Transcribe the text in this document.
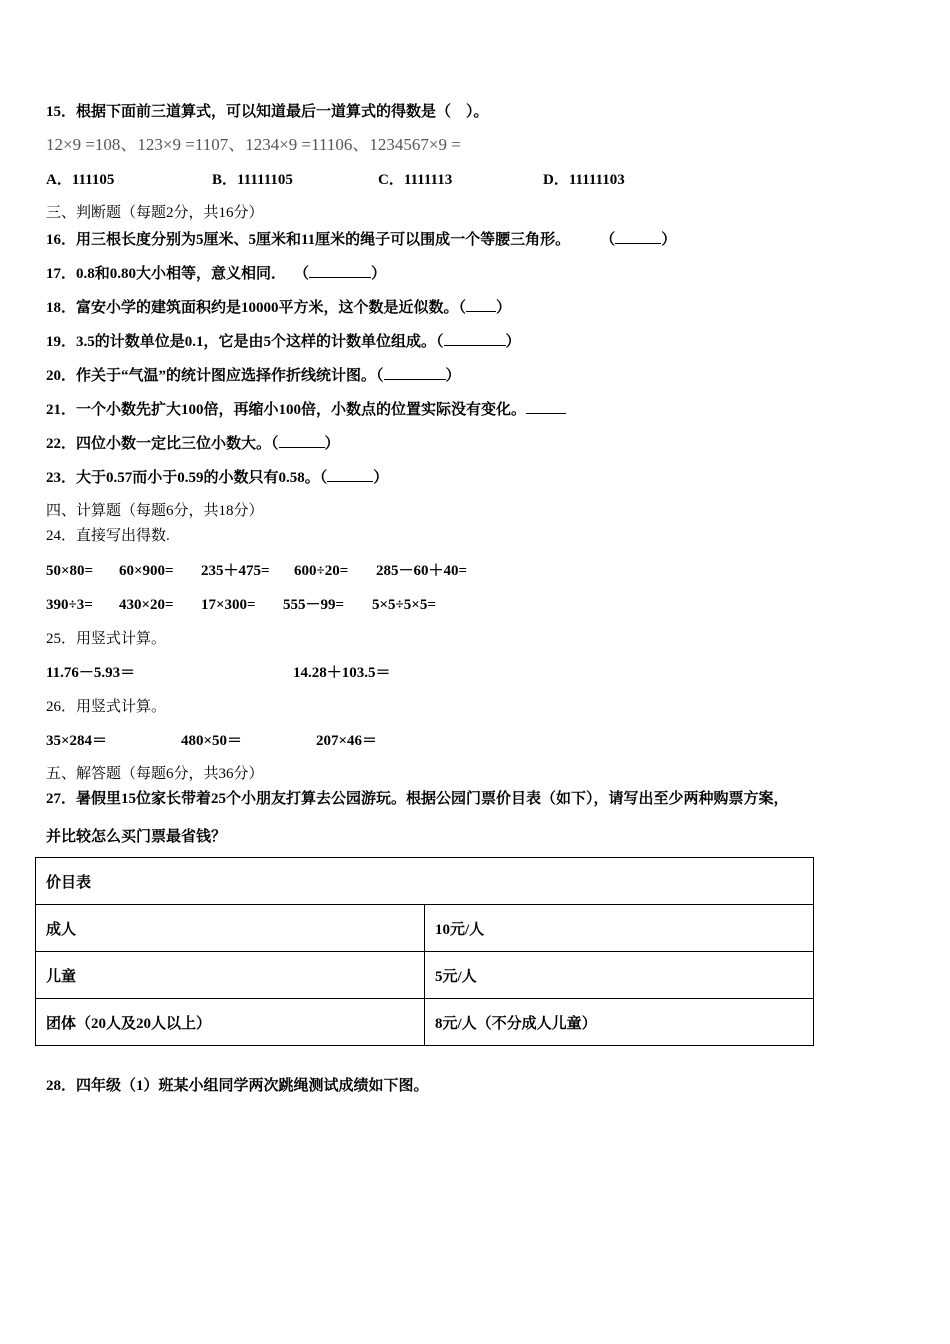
15．根据下面前三道算式，可以知道最后一道算式的得数是（　）。
12×9 =108、123×9 =1107、1234×9 =11106、1234567×9 =
A．111105	B．11111105	C．1111113	D．11111103
三、判断题（每题2分，共16分）
16．用三根长度分别为5厘米、5厘米和11厘米的绳子可以围成一个等腰三角形。 （	）
17．0.8和0.80大小相等，意义相同． （	）
18．富安小学的建筑面积约是10000平方米，这个数是近似数。（ ）
19．3.5的计数单位是0.1，它是由5个这样的计数单位组成。（	）
20．作关于“气温”的统计图应选择作折线统计图。（	）
21．一个小数先扩大100倍，再缩小100倍，小数点的位置实际没有变化。
22．四位小数一定比三位小数大。（	）
23．大于0.57而小于0.59的小数只有0.58。（	）
四、计算题（每题6分，共18分）
24．直接写出得数.
50×80= 60×900= 235＋475= 600÷20= 285－60＋40=
390÷3= 430×20= 17×300= 555－99= 5×5÷5×5=
25．用竖式计算。
11.76－5.93＝	14.28＋103.5＝
26．用竖式计算。
35×284＝	480×50＝	207×46＝
五、解答题（每题6分，共36分）
27．暑假里15位家长带着25个小朋友打算去公园游玩。根据公园门票价目表（如下），请写出至少两种购票方案，
并比较怎么买门票最省钱？
价目表	
成人	10元/人
儿童	5元/人
团体（20人及20人以上）	8元/人（不分成人儿童）
28．四年级（1）班某小组同学两次跳绳测试成绩如下图。
